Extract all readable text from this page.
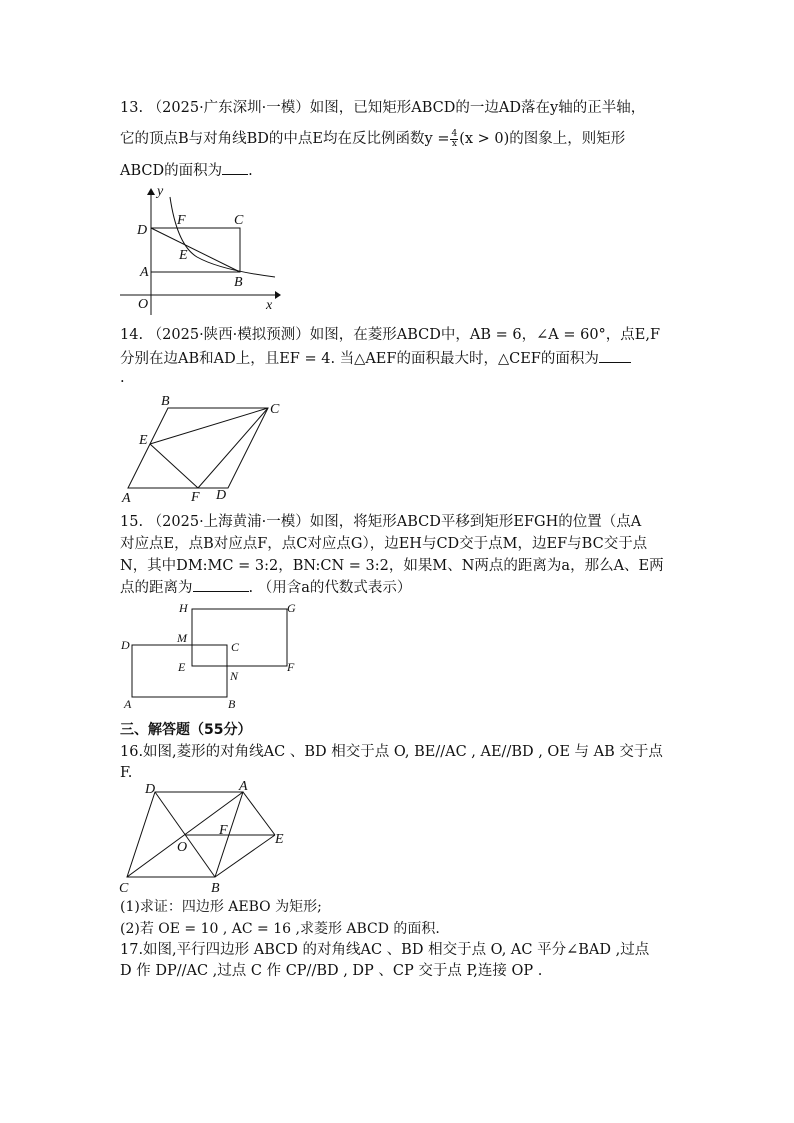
13. （2025·广东深圳·一模）如图，已知矩形ABCD的一边AD落在y轴的正半轴，
它的顶点B与对角线BD的中点E均在反比例函数$y = \frac{4}{x} (x > 0)$的图象上，则矩形
ABCD的面积为 .
y
x
O
A
B
C
D
E
F
14. （2025·陕西·模拟预测）如图，在菱形ABCD中，AB = 6，∠A = 60°，点E,F
分别在边AB和AD上，且EF = 4. 当△AEF的面积最大时，△CEF的面积为
.
A
B
C
D
E
F
15. （2025·上海黄浦·一模）如图，将矩形ABCD平移到矩形EFGH的位置（点A
对应点E，点B对应点F，点C对应点G），边EH与CD交于点M，边EF与BC交于点
N，其中DM:MC = 3:2，BN:CN = 3:2，如果M、N两点的距离为a，那么A、E两
点的距离为	. （用含a的代数式表示）
D
A	B
C
H	G
M
E
N
F
三、解答题（55分）
16.如图,菱形的对角线AC 、BD 相交于点 O, BE//AC , AE//BD , OE 与 AB 交于点
F.
D	A
F
E
O
C	B
(1)求证：四边形 AEBO 为矩形;
(2)若 OE = 10 , AC = 16 ,求菱形 ABCD 的面积.
17.如图,平行四边形 ABCD 的对角线AC 、BD 相交于点 O, AC 平分∠BAD ,过点
D 作 DP//AC ,过点 C 作 CP//BD , DP 、CP 交于点 P,连接 OP .
